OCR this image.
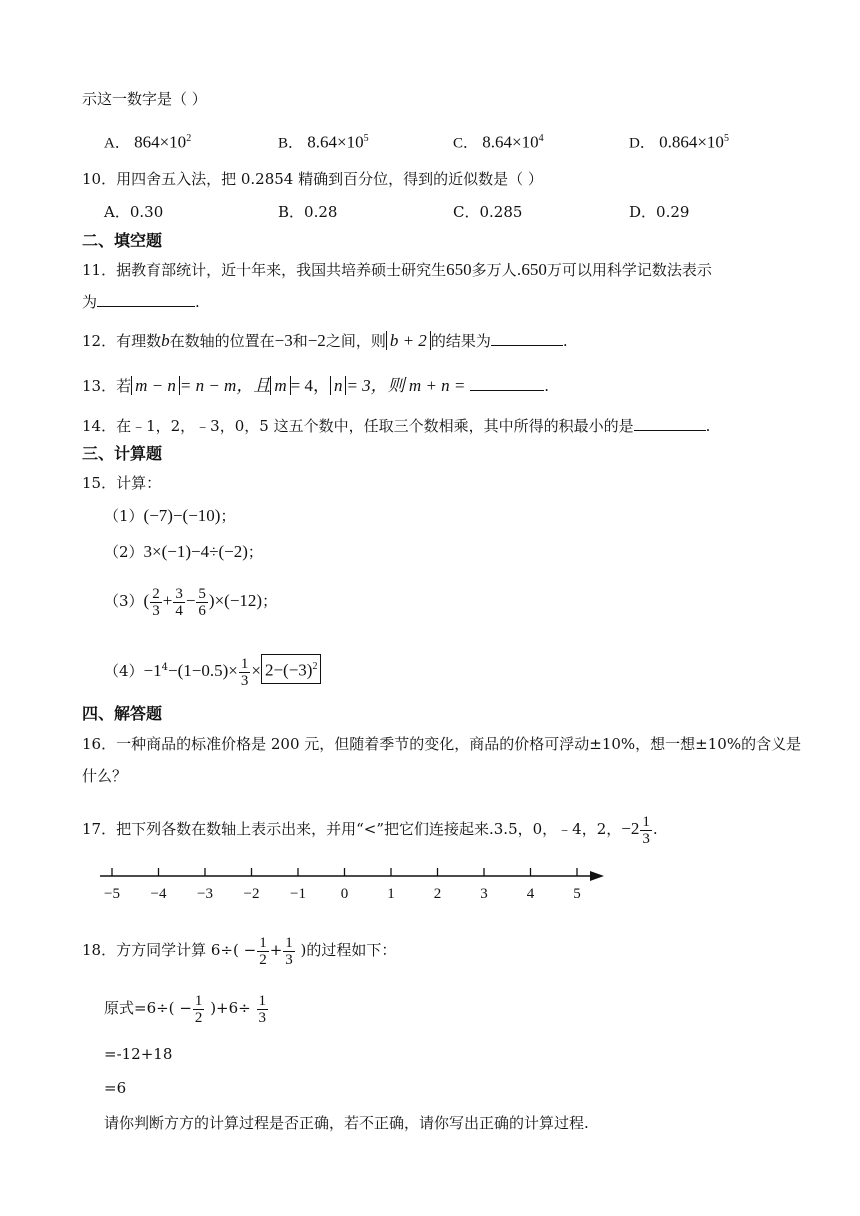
示这一数字是（ ）
A． $864\times 10^2$	B． $8.64\times 10^5$	C． $8.64\times 10^4$	D． $0.864\times 10^5$
10．用四舍五入法，把 0.2854 精确到百分位，得到的近似数是（ ）
A．0.30	B．0.28	C．0.285	D．0.29
二、填空题
11．据教育部统计，近十年来，我国共培养硕士研究生650多万人.650万可以用科学记数法表示
为	.
12．有理数b在数轴的位置在−3和−2之间，则 b + 2 的结果为	.
13．若 m − n = n − m，且 m = 4， n = 3，则 m + n =	.
14．在﹣1，2，﹣3，0，5 这五个数中，任取三个数相乘，其中所得的积最小的是	.
三、计算题
15．计算：
（1）(−7)−(−10)；
（2）3×(−1)−4÷(−2)；
$(3)( \frac{2}{3} + \frac{3}{4} - \frac{5}{6} )\times(-12)$；
$(4)-1^4-(1-0.5)\times \frac{1}{3} \times 2-(-3)^2$
四、解答题
16．一种商品的标准价格是 200 元，但随着季节的变化，商品的价格可浮动±10%，想一想±10%的含义是
什么？
17．把下列各数在数轴上表示出来，并用“<”把它们连接起来.3.5，0，﹣4，2，$-2 \frac{1}{3}$ .
−5 −4 −3 −2 −1 0	1	2	3	4	5
18．方方同学计算 $6\div( - \frac{1}{2} + \frac{1}{3}$ )的过程如下：
原式$=6\div( - \frac{1}{2} )+6\div \frac{1}{3}$
=-12+18
=6
请你判断方方的计算过程是否正确，若不正确，请你写出正确的计算过程.
